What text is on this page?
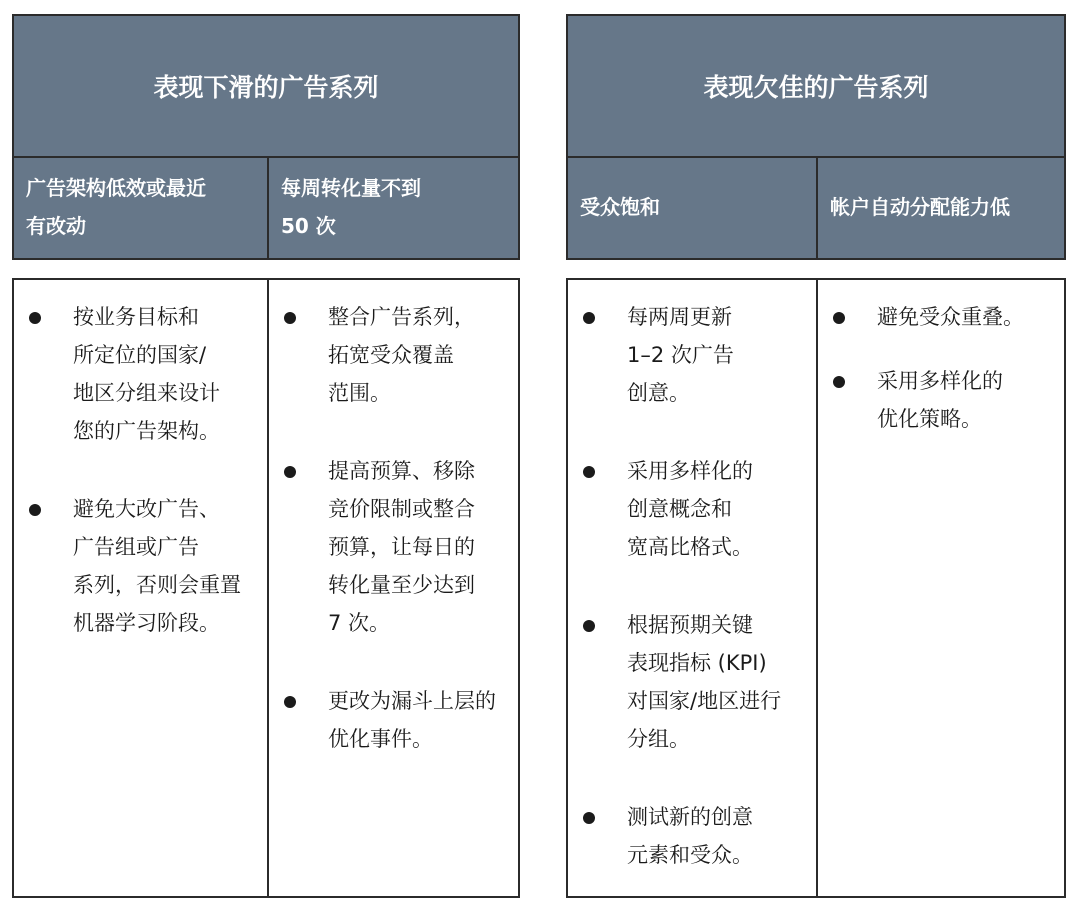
表现下滑的广告系列
广告架构低效或最近
有改动
每周转化量不到
50 次
按业务目标和
所定位的国家/
地区分组来设计
您的广告架构。
避免大改广告、
广告组或广告
系列，否则会重置
机器学习阶段。
整合广告系列，
拓宽受众覆盖
范围。
提高预算、移除
竞价限制或整合
预算，让每日的
转化量至少达到
7 次。
更改为漏斗上层的
优化事件。
表现欠佳的广告系列
受众饱和	帐户自动分配能力低
每两周更新
1–2 次广告
创意。
采用多样化的
创意概念和
宽高比格式。
根据预期关键
表现指标 (KPI)
对国家/地区进行
分组。
测试新的创意
元素和受众。
避免受众重叠。
采用多样化的
优化策略。
